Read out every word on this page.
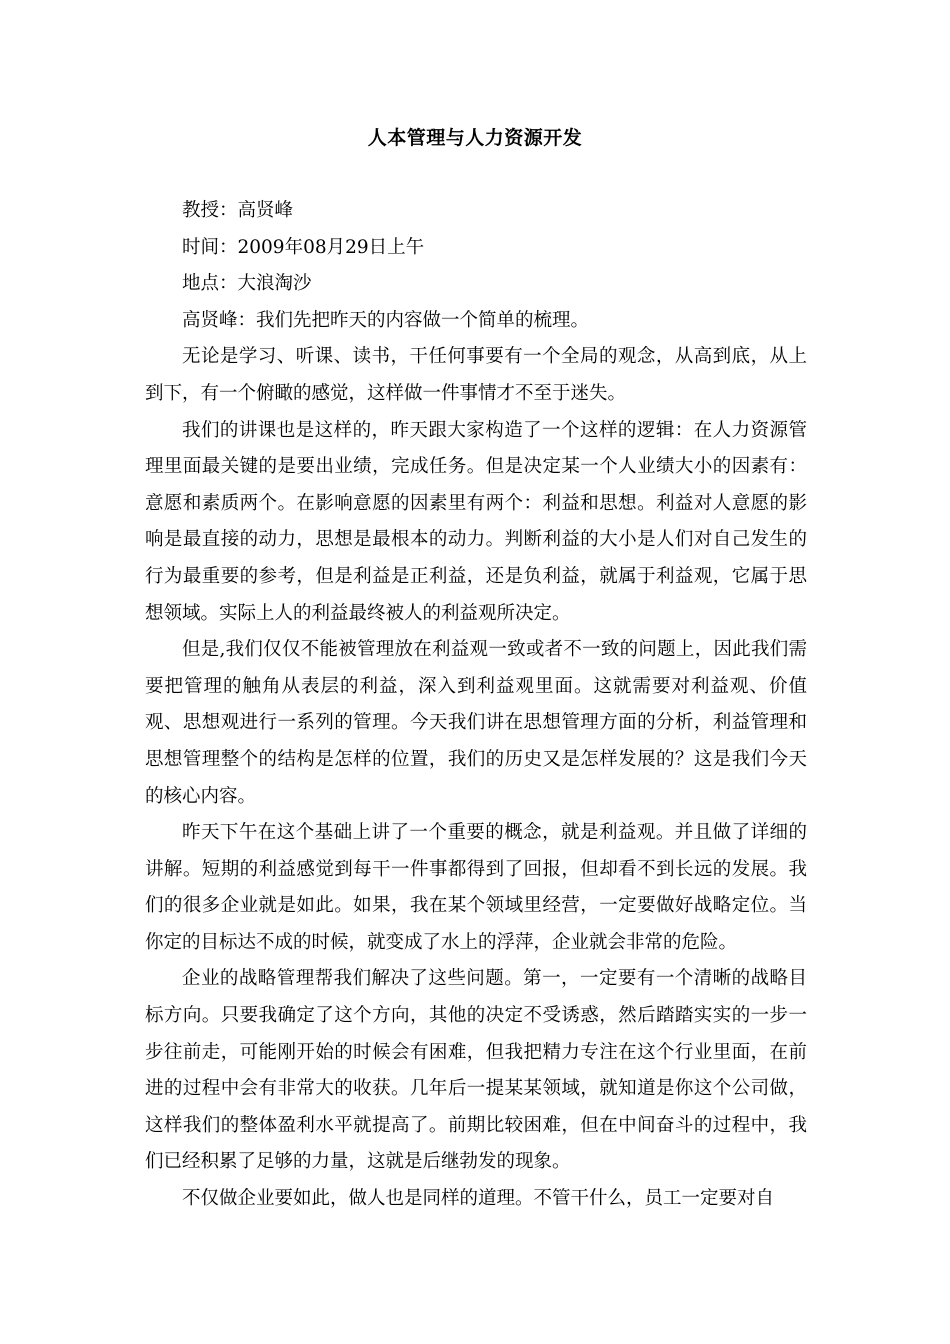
人本管理与人力资源开发

教授：高贤峰

时间：2009年08月29日上午

地点：大浪淘沙

高贤峰：我们先把昨天的内容做一个简单的梳理。

无论是学习、听课、读书，干任何事要有一个全局的观念，从高到底，从上到下，有一个俯瞰的感觉，这样做一件事情才不至于迷失。

我们的讲课也是这样的，昨天跟大家构造了一个这样的逻辑：在人力资源管理里面最关键的是要出业绩，完成任务。但是决定某一个人业绩大小的因素有：意愿和素质两个。在影响意愿的因素里有两个：利益和思想。利益对人意愿的影响是最直接的动力，思想是最根本的动力。判断利益的大小是人们对自己发生的行为最重要的参考，但是利益是正利益，还是负利益，就属于利益观，它属于思想领域。实际上人的利益最终被人的利益观所决定。

但是,我们仅仅不能被管理放在利益观一致或者不一致的问题上，因此我们需要把管理的触角从表层的利益，深入到利益观里面。这就需要对利益观、价值观、思想观进行一系列的管理。今天我们讲在思想管理方面的分析，利益管理和思想管理整个的结构是怎样的位置，我们的历史又是怎样发展的？这是我们今天的核心内容。

昨天下午在这个基础上讲了一个重要的概念，就是利益观。并且做了详细的讲解。短期的利益感觉到每干一件事都得到了回报，但却看不到长远的发展。我们的很多企业就是如此。如果，我在某个领域里经营，一定要做好战略定位。当你定的目标达不成的时候，就变成了水上的浮萍，企业就会非常的危险。

企业的战略管理帮我们解决了这些问题。第一，一定要有一个清晰的战略目标方向。只要我确定了这个方向，其他的决定不受诱惑，然后踏踏实实的一步一步往前走，可能刚开始的时候会有困难，但我把精力专注在这个行业里面，在前进的过程中会有非常大的收获。几年后一提某某领域，就知道是你这个公司做，这样我们的整体盈利水平就提高了。前期比较困难，但在中间奋斗的过程中，我们已经积累了足够的力量，这就是后继勃发的现象。

不仅做企业要如此，做人也是同样的道理。不管干什么，员工一定要对自
